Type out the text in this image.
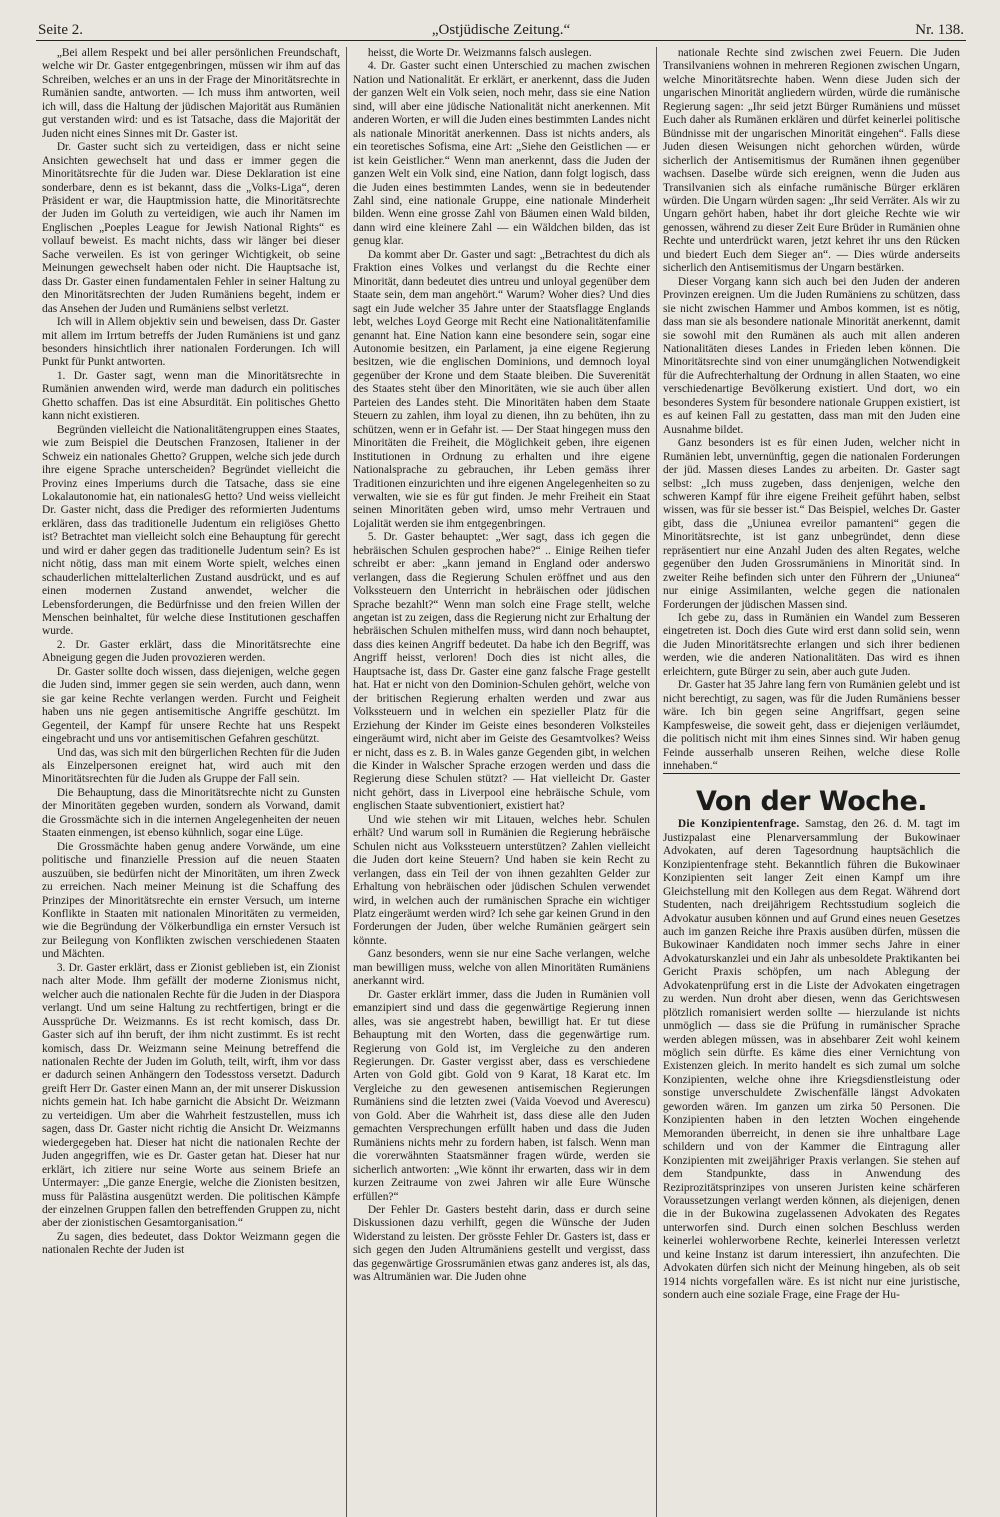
Seite 2.	„Ostjüdische Zeitung.“	Nr. 138.

„Bei allem Respekt und bei aller persönlichen Freundschaft, welche wir Dr. Gaster entgegenbringen, müssen wir ihm auf das Schreiben, welches er an uns in der Frage der Minoritätsrechte in Rumänien sandte, antworten. — Ich muss ihm antworten, weil ich will, dass die Haltung der jüdischen Majorität aus Rumänien gut verstanden wird: und es ist Tatsache, dass die Majorität der Juden nicht eines Sinnes mit Dr. Gaster ist.

Dr. Gaster sucht sich zu verteidigen, dass er nicht seine Ansichten gewechselt hat und dass er immer gegen die Minoritätsrechte für die Juden war. Diese Deklaration ist eine sonderbare, denn es ist bekannt, dass die „Volks-Liga“, deren Präsident er war, die Hauptmission hatte, die Minoritätsrechte der Juden im Goluth zu verteidigen, wie auch ihr Namen im Englischen „Poeples League for Jewish National Rights“ es vollauf beweist. Es macht nichts, dass wir länger bei dieser Sache verweilen. Es ist von geringer Wichtigkeit, ob seine Meinungen gewechselt haben oder nicht. Die Hauptsache ist, dass Dr. Gaster einen fundamentalen Fehler in seiner Haltung zu den Minoritätsrechten der Juden Rumäniens begeht, indem er das Ansehen der Juden und Rumäniens selbst verletzt.

Ich will in Allem objektiv sein und beweisen, dass Dr. Gaster mit allem im Irrtum betreffs der Juden Rumäniens ist und ganz besonders hinsichtlich ihrer nationalen Forderungen. Ich will Punkt für Punkt antworten.

1. Dr. Gaster sagt, wenn man die Minoritätsrechte in Rumänien anwenden wird, werde man dadurch ein politisches Ghetto schaffen. Das ist eine Absurdität. Ein politisches Ghetto kann nicht existieren.

Begründen vielleicht die Nationalitätengruppen eines Staates, wie zum Beispiel die Deutschen Franzosen, Italiener in der Schweiz ein nationales Ghetto? Gruppen, welche sich jede durch ihre eigene Sprache unterscheiden? Begründet vielleicht die Provinz eines Imperiums durch die Tatsache, dass sie eine Lokalautonomie hat, ein nationalesG hetto? Und weiss vielleicht Dr. Gaster nicht, dass die Prediger des reformierten Judentums erklären, dass das traditionelle Judentum ein religiöses Ghetto ist? Betrachtet man vielleicht solch eine Behauptung für gerecht und wird er daher gegen das traditionelle Judentum sein? Es ist nicht nötig, dass man mit einem Worte spielt, welches einen schauderlichen mittelalterlichen Zustand ausdrückt, und es auf einen modernen Zustand anwendet, welcher die Lebensforderungen, die Bedürfnisse und den freien Willen der Menschen beinhaltet, für welche diese Institutionen geschaffen wurde.

2. Dr. Gaster erklärt, dass die Minoritätsrechte eine Abneigung gegen die Juden provozieren werden.

Dr. Gaster sollte doch wissen, dass diejenigen, welche gegen die Juden sind, immer gegen sie sein werden, auch dann, wenn sie gar keine Rechte verlangen werden. Furcht und Feigheit haben uns nie gegen antisemitische Angriffe geschützt. Im Gegenteil, der Kampf für unsere Rechte hat uns Respekt eingebracht und uns vor antisemitischen Gefahren geschützt.

Und das, was sich mit den bürgerlichen Rechten für die Juden als Einzelpersonen ereignet hat, wird auch mit den Minoritätsrechten für die Juden als Gruppe der Fall sein.

Die Behauptung, dass die Minoritätsrechte nicht zu Gunsten der Minoritäten gegeben wurden, sondern als Vorwand, damit die Grossmächte sich in die internen Angelegenheiten der neuen Staaten einmengen, ist ebenso kühnlich, sogar eine Lüge.

Die Grossmächte haben genug andere Vorwände, um eine politische und finanzielle Pression auf die neuen Staaten auszuüben, sie bedürfen nicht der Minoritäten, um ihren Zweck zu erreichen. Nach meiner Meinung ist die Schaffung des Prinzipes der Minoritätsrechte ein ernster Versuch, um interne Konflikte in Staaten mit nationalen Minoritäten zu vermeiden, wie die Begründung der Völkerbundliga ein ernster Versuch ist zur Beilegung von Konflikten zwischen verschiedenen Staaten und Mächten.

3. Dr. Gaster erklärt, dass er Zionist geblieben ist, ein Zionist nach alter Mode. Ihm gefällt der moderne Zionismus nicht, welcher auch die nationalen Rechte für die Juden in der Diaspora verlangt. Und um seine Haltung zu rechtfertigen, bringt er die Aussprüche Dr. Weizmanns. Es ist recht komisch, dass Dr. Gaster sich auf ihn beruft, der ihm nicht zustimmt. Es ist recht komisch, dass Dr. Weizmann seine Meinung betreffend die nationalen Rechte der Juden im Goluth, teilt, wirft, ihm vor dass er dadurch seinen Anhängern den Todesstoss versetzt. Dadurch greift Herr Dr. Gaster einen Mann an, der mit unserer Diskussion nichts gemein hat. Ich habe garnicht die Absicht Dr. Weizmann zu verteidigen. Um aber die Wahrheit festzustellen, muss ich sagen, dass Dr. Gaster nicht richtig die Ansicht Dr. Weizmanns wiedergegeben hat. Dieser hat nicht die nationalen Rechte der Juden angegriffen, wie es Dr. Gaster getan hat. Dieser hat nur erklärt, ich zitiere nur seine Worte aus seinem Briefe an Untermayer: „Die ganze Energie, welche die Zionisten besitzen, muss für Palästina ausgenützt werden. Die politischen Kämpfe der einzelnen Gruppen fallen den betreffenden Gruppen zu, nicht aber der zionistischen Gesamtorganisation.“

Zu sagen, dies bedeutet, dass Doktor Weizmann gegen die nationalen Rechte der Juden ist

heisst, die Worte Dr. Weizmanns falsch auslegen.

4. Dr. Gaster sucht einen Unterschied zu machen zwischen Nation und Nationalität. Er erklärt, er anerkennt, dass die Juden der ganzen Welt ein Volk seien, noch mehr, dass sie eine Nation sind, will aber eine jüdische Nationalität nicht anerkennen. Mit anderen Worten, er will die Juden eines bestimmten Landes nicht als nationale Minorität anerkennen. Dass ist nichts anders, als ein teoretisches Sofisma, eine Art: „Siehe den Geistlichen — er ist kein Geistlicher.“ Wenn man anerkennt, dass die Juden der ganzen Welt ein Volk sind, eine Nation, dann folgt logisch, dass die Juden eines bestimmten Landes, wenn sie in bedeutender Zahl sind, eine nationale Gruppe, eine nationale Minderheit bilden. Wenn eine grosse Zahl von Bäumen einen Wald bilden, dann wird eine kleinere Zahl — ein Wäldchen bilden, das ist genug klar.

Da kommt aber Dr. Gaster und sagt: „Betrachtest du dich als Fraktion eines Volkes und verlangst du die Rechte einer Minorität, dann bedeutet dies untreu und unloyal gegenüber dem Staate sein, dem man angehört.“ Warum? Woher dies? Und dies sagt ein Jude welcher 35 Jahre unter der Staatsflagge Englands lebt, welches Loyd George mit Recht eine Nationalitätenfamilie genannt hat. Eine Nation kann eine besondere sein, sogar eine Autonomie besitzen, ein Parlament, ja eine eigene Regierung besitzen, wie die englischen Dominions, und demnoch loyal gegenüber der Krone und dem Staate bleiben. Die Suverenität des Staates steht über den Minoritäten, wie sie auch über allen Parteien des Landes steht. Die Minoritäten haben dem Staate Steuern zu zahlen, ihm loyal zu dienen, ihn zu behüten, ihn zu schützen, wenn er in Gefahr ist. — Der Staat hingegen muss den Minoritäten die Freiheit, die Möglichkeit geben, ihre eigenen Institutionen in Ordnung zu erhalten und ihre eigene Nationalsprache zu gebrauchen, ihr Leben gemäss ihrer Traditionen einzurichten und ihre eigenen Angelegenheiten so zu verwalten, wie sie es für gut finden. Je mehr Freiheit ein Staat seinen Minoritäten geben wird, umso mehr Vertrauen und Lojalität werden sie ihm entgegenbringen.

5. Dr. Gaster behauptet: „Wer sagt, dass ich gegen die hebräischen Schulen gesprochen habe?“ .. Einige Reihen tiefer schreibt er aber: „kann jemand in England oder anderswo verlangen, dass die Regierung Schulen eröffnet und aus den Volkssteuern den Unterricht in hebräischen oder jüdischen Sprache bezahlt?“ Wenn man solch eine Frage stellt, welche angetan ist zu zeigen, dass die Regierung nicht zur Erhaltung der hebräischen Schulen mithelfen muss, wird dann noch behauptet, dass dies keinen Angriff bedeutet. Da habe ich den Begriff, was Angriff heisst, verloren! Doch dies ist nicht alles, die Hauptsache ist, dass Dr. Gaster eine ganz falsche Frage gestellt hat. Hat er nicht von den Dominion-Schulen gehört, welche von der britischen Regierung erhalten werden und zwar aus Volkssteuern und in welchen ein spezieller Platz für die Erziehung der Kinder im Geiste eines besonderen Volksteiles eingeräumt wird, nicht aber im Geiste des Gesamtvolkes? Weiss er nicht, dass es z. B. in Wales ganze Gegenden gibt, in welchen die Kinder in Walscher Sprache erzogen werden und dass die Regierung diese Schulen stützt? — Hat vielleicht Dr. Gaster nicht gehört, dass in Liverpool eine hebräische Schule, vom englischen Staate subventioniert, existiert hat?

Und wie stehen wir mit Litauen, welches hebr. Schulen erhält? Und warum soll in Rumänien die Regierung hebräische Schulen nicht aus Volkssteuern unterstützen? Zahlen vielleicht die Juden dort keine Steuern? Und haben sie kein Recht zu verlangen, dass ein Teil der von ihnen gezahlten Gelder zur Erhaltung von hebräischen oder jüdischen Schulen verwendet wird, in welchen auch der rumänischen Sprache ein wichtiger Platz eingeräumt werden wird? Ich sehe gar keinen Grund in den Forderungen der Juden, über welche Rumänien geärgert sein könnte.

Ganz besonders, wenn sie nur eine Sache verlangen, welche man bewilligen muss, welche von allen Minoritäten Rumäniens anerkannt wird.

Dr. Gaster erklärt immer, dass die Juden in Rumänien voll emanzipiert sind und dass die gegenwärtige Regierung innen alles, was sie angestrebt haben, bewilligt hat. Er tut diese Behauptung mit den Worten, dass die gegenwärtige rum. Regierung von Gold ist, im Vergleiche zu den anderen Regierungen. Dr. Gaster vergisst aber, dass es verschiedene Arten von Gold gibt. Gold von 9 Karat, 18 Karat etc. Im Vergleiche zu den gewesenen antisemischen Regierungen Rumäniens sind die letzten zwei (Vaida Voevod und Averescu) von Gold. Aber die Wahrheit ist, dass diese alle den Juden gemachten Versprechungen erfüllt haben und dass die Juden Rumäniens nichts mehr zu fordern haben, ist falsch. Wenn man die vorerwähnten Staatsmänner fragen würde, werden sie sicherlich antworten: „Wie könnt ihr erwarten, dass wir in dem kurzen Zeitraume von zwei Jahren wir alle Eure Wünsche erfüllen?“

Der Fehler Dr. Gasters besteht darin, dass er durch seine Diskussionen dazu verhilft, gegen die Wünsche der Juden Widerstand zu leisten. Der grösste Fehler Dr. Gasters ist, dass er sich gegen den Juden Altrumäniens gestellt und vergisst, dass das gegenwärtige Grossrumänien etwas ganz anderes ist, als das, was Altrumänien war. Die Juden ohne

nationale Rechte sind zwischen zwei Feuern. Die Juden Transilvaniens wohnen in mehreren Regionen zwischen Ungarn, welche Minoritätsrechte haben. Wenn diese Juden sich der ungarischen Minorität angliedern würden, würde die rumänische Regierung sagen: „Ihr seid jetzt Bürger Rumäniens und müsset Euch daher als Rumänen erklären und dürfet keinerlei politische Bündnisse mit der ungarischen Minorität eingehen“. Falls diese Juden diesen Weisungen nicht gehorchen würden, würde sicherlich der Antisemitismus der Rumänen ihnen gegenüber wachsen. Daselbe würde sich ereignen, wenn die Juden aus Transilvanien sich als einfache rumänische Bürger erklären würden. Die Ungarn würden sagen: „Ihr seid Verräter. Als wir zu Ungarn gehört haben, habet ihr dort gleiche Rechte wie wir genossen, während zu dieser Zeit Eure Brüder in Rumänien ohne Rechte und unterdrückt waren, jetzt kehret ihr uns den Rücken und biedert Euch dem Sieger an“. — Dies würde anderseits sicherlich den Antisemitismus der Ungarn bestärken.

Dieser Vorgang kann sich auch bei den Juden der anderen Provinzen ereignen. Um die Juden Rumäniens zu schützen, dass sie nicht zwischen Hammer und Ambos kommen, ist es nötig, dass man sie als besondere nationale Minorität anerkennt, damit sie sowohl mit den Rumänen als auch mit allen anderen Nationalitäten dieses Landes in Frieden leben können. Die Minoritätsrechte sind von einer unumgänglichen Notwendigkeit für die Aufrechterhaltung der Ordnung in allen Staaten, wo eine verschiedenartige Bevölkerung existiert. Und dort, wo ein besonderes System für besondere nationale Gruppen existiert, ist es auf keinen Fall zu gestatten, dass man mit den Juden eine Ausnahme bildet.

Ganz besonders ist es für einen Juden, welcher nicht in Rumänien lebt, unvernünftig, gegen die nationalen Forderungen der jüd. Massen dieses Landes zu arbeiten. Dr. Gaster sagt selbst: „Ich muss zugeben, dass denjenigen, welche den schweren Kampf für ihre eigene Freiheit geführt haben, selbst wissen, was für sie besser ist.“ Das Beispiel, welches Dr. Gaster gibt, dass die „Uniunea evreilor pamanteni“ gegen die Minoritätsrechte, ist ist ganz unbegründet, denn diese repräsentiert nur eine Anzahl Juden des alten Regates, welche gegenüber den Juden Grossrumäniens in Minorität sind. In zweiter Reihe befinden sich unter den Führern der „Uniunea“ nur einige Assimilanten, welche gegen die nationalen Forderungen der jüdischen Massen sind.

Ich gebe zu, dass in Rumänien ein Wandel zum Besseren eingetreten ist. Doch dies Gute wird erst dann solid sein, wenn die Juden Minoritätsrechte erlangen und sich ihrer bedienen werden, wie die anderen Nationalitäten. Das wird es ihnen erleichtern, gute Bürger zu sein, aber auch gute Juden.

Dr. Gaster hat 35 Jahre lang fern von Rumänien gelebt und ist nicht berechtigt, zu sagen, was für die Juden Rumäniens besser wäre. Ich bin gegen seine Angriffsart, gegen seine Kampfesweise, die soweit geht, dass er diejenigen verläumdet, die politisch nicht mit ihm eines Sinnes sind. Wir haben genug Feinde ausserhalb unseren Reihen, welche diese Rolle innehaben.“

Von der Woche.

Die Konzipientenfrage. Samstag, den 26. d. M. tagt im Justizpalast eine Plenarversammlung der Bukowinaer Advokaten, auf deren Tagesordnung hauptsächlich die Konzipientenfrage steht. Bekanntlich führen die Bukowinaer Konzipienten seit langer Zeit einen Kampf um ihre Gleichstellung mit den Kollegen aus dem Regat. Während dort Studenten, nach dreijährigem Rechtsstudium sogleich die Advokatur ausuben können und auf Grund eines neuen Gesetzes auch im ganzen Reiche ihre Praxis ausüben dürfen, müssen die Bukowinaer Kandidaten noch immer sechs Jahre in einer Advokaturskanzlei und ein Jahr als unbesoldete Praktikanten bei Gericht Praxis schöpfen, um nach Ablegung der Advokatenprüfung erst in die Liste der Advokaten eingetragen zu werden. Nun droht aber diesen, wenn das Gerichtswesen plötzlich romanisiert werden sollte — hierzulande ist nichts unmöglich — dass sie die Prüfung in rumänischer Sprache werden ablegen müssen, was in absehbarer Zeit wohl keinem möglich sein dürfte. Es käme dies einer Vernichtung von Existenzen gleich. In merito handelt es sich zumal um solche Konzipienten, welche ohne ihre Kriegsdienstleistung oder sonstige unverschuldete Zwischenfälle längst Advokaten geworden wären. Im ganzen um zirka 50 Personen. Die Konzipienten haben in den letzten Wochen eingehende Memoranden überreicht, in denen sie ihre unhaltbare Lage schildern und von der Kammer die Eintragung aller Konzipienten mit zweijähriger Praxis verlangen. Sie stehen auf dem Standpunkte, dass in Anwendung des Reziprozitätsprinzipes von unseren Juristen keine schärferen Voraussetzungen verlangt werden können, als diejenigen, denen die in der Bukowina zugelassenen Advokaten des Regates unterworfen sind. Durch einen solchen Beschluss werden keinerlei wohlerworbene Rechte, keinerlei Interessen verletzt und keine Instanz ist darum interessiert, ihn anzufechten. Die Advokaten dürfen sich nicht der Meinung hingeben, als ob seit 1914 nichts vorgefallen wäre. Es ist nicht nur eine juristische, sondern auch eine soziale Frage, eine Frage der Hu-
